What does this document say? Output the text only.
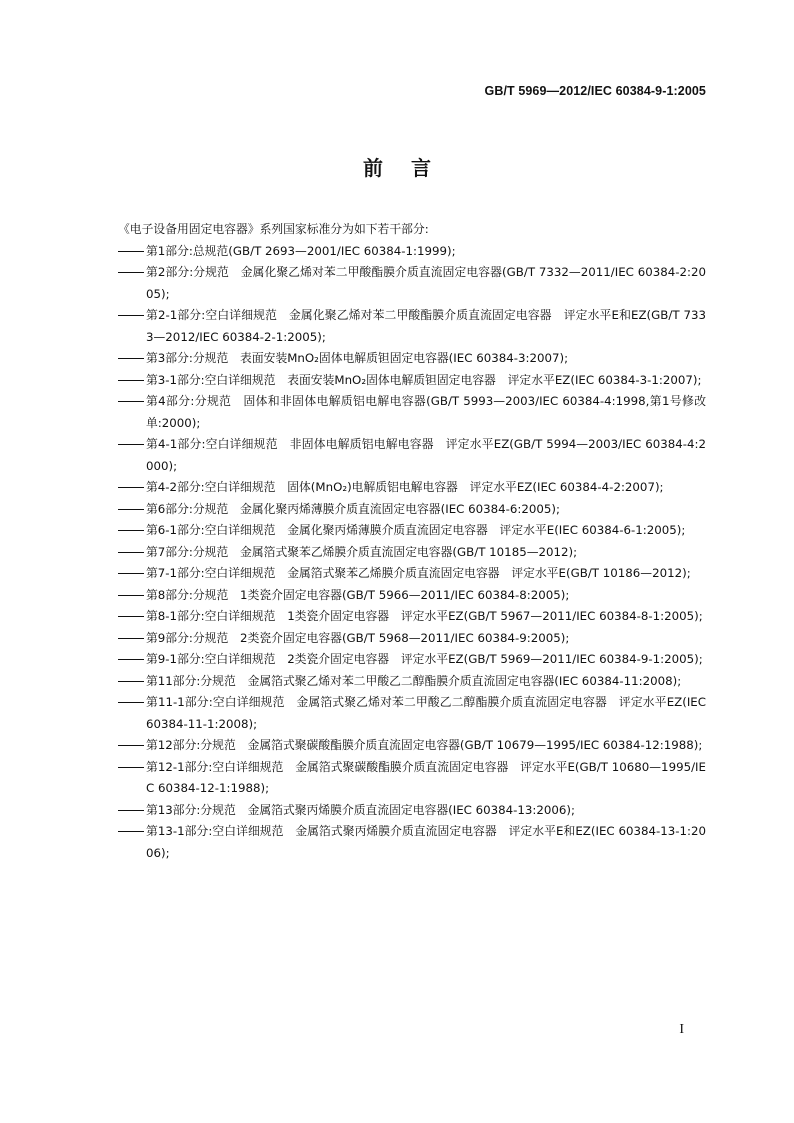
GB/T 5969—2012/IEC 60384-9-1:2005
前言

《电子设备用固定电容器》系列国家标准分为如下若干部分:

第1部分:总规范(GB/T 2693—2001/IEC 60384-1:1999);
第2部分:分规范　金属化聚乙烯对苯二甲酸酯膜介质直流固定电容器(GB/T 7332—2011/IEC 60384-2:2005);
第2-1部分:空白详细规范　金属化聚乙烯对苯二甲酸酯膜介质直流固定电容器　评定水平E和EZ(GB/T 7333—2012/IEC 60384-2-1:2005);
第3部分:分规范　表面安装MnO₂固体电解质钽固定电容器(IEC 60384-3:2007);
第3-1部分:空白详细规范　表面安装MnO₂固体电解质钽固定电容器　评定水平EZ(IEC 60384-3-1:2007);
第4部分:分规范　固体和非固体电解质铝电解电容器(GB/T 5993—2003/IEC 60384-4:1998,第1号修改单:2000);
第4-1部分:空白详细规范　非固体电解质铝电解电容器　评定水平EZ(GB/T 5994—2003/IEC 60384-4:2000);
第4-2部分:空白详细规范　固体(MnO₂)电解质铝电解电容器　评定水平EZ(IEC 60384-4-2:2007);
第6部分:分规范　金属化聚丙烯薄膜介质直流固定电容器(IEC 60384-6:2005);
第6-1部分:空白详细规范　金属化聚丙烯薄膜介质直流固定电容器　评定水平E(IEC 60384-6-1:2005);
第7部分:分规范　金属箔式聚苯乙烯膜介质直流固定电容器(GB/T 10185—2012);
第7-1部分:空白详细规范　金属箔式聚苯乙烯膜介质直流固定电容器　评定水平E(GB/T 10186—2012);
第8部分:分规范　1类瓷介固定电容器(GB/T 5966—2011/IEC 60384-8:2005);
第8-1部分:空白详细规范　1类瓷介固定电容器　评定水平EZ(GB/T 5967—2011/IEC 60384-8-1:2005);
第9部分:分规范　2类瓷介固定电容器(GB/T 5968—2011/IEC 60384-9:2005);
第9-1部分:空白详细规范　2类瓷介固定电容器　评定水平EZ(GB/T 5969—2011/IEC 60384-9-1:2005);
第11部分:分规范　金属箔式聚乙烯对苯二甲酸乙二醇酯膜介质直流固定电容器(IEC 60384-11:2008);
第11-1部分:空白详细规范　金属箔式聚乙烯对苯二甲酸乙二醇酯膜介质直流固定电容器　评定水平EZ(IEC 60384-11-1:2008);
第12部分:分规范　金属箔式聚碳酸酯膜介质直流固定电容器(GB/T 10679—1995/IEC 60384-12:1988);
第12-1部分:空白详细规范　金属箔式聚碳酸酯膜介质直流固定电容器　评定水平E(GB/T 10680—1995/IEC 60384-12-1:1988);
第13部分:分规范　金属箔式聚丙烯膜介质直流固定电容器(IEC 60384-13:2006);
第13-1部分:空白详细规范　金属箔式聚丙烯膜介质直流固定电容器　评定水平E和EZ(IEC 60384-13-1:2006);
I
